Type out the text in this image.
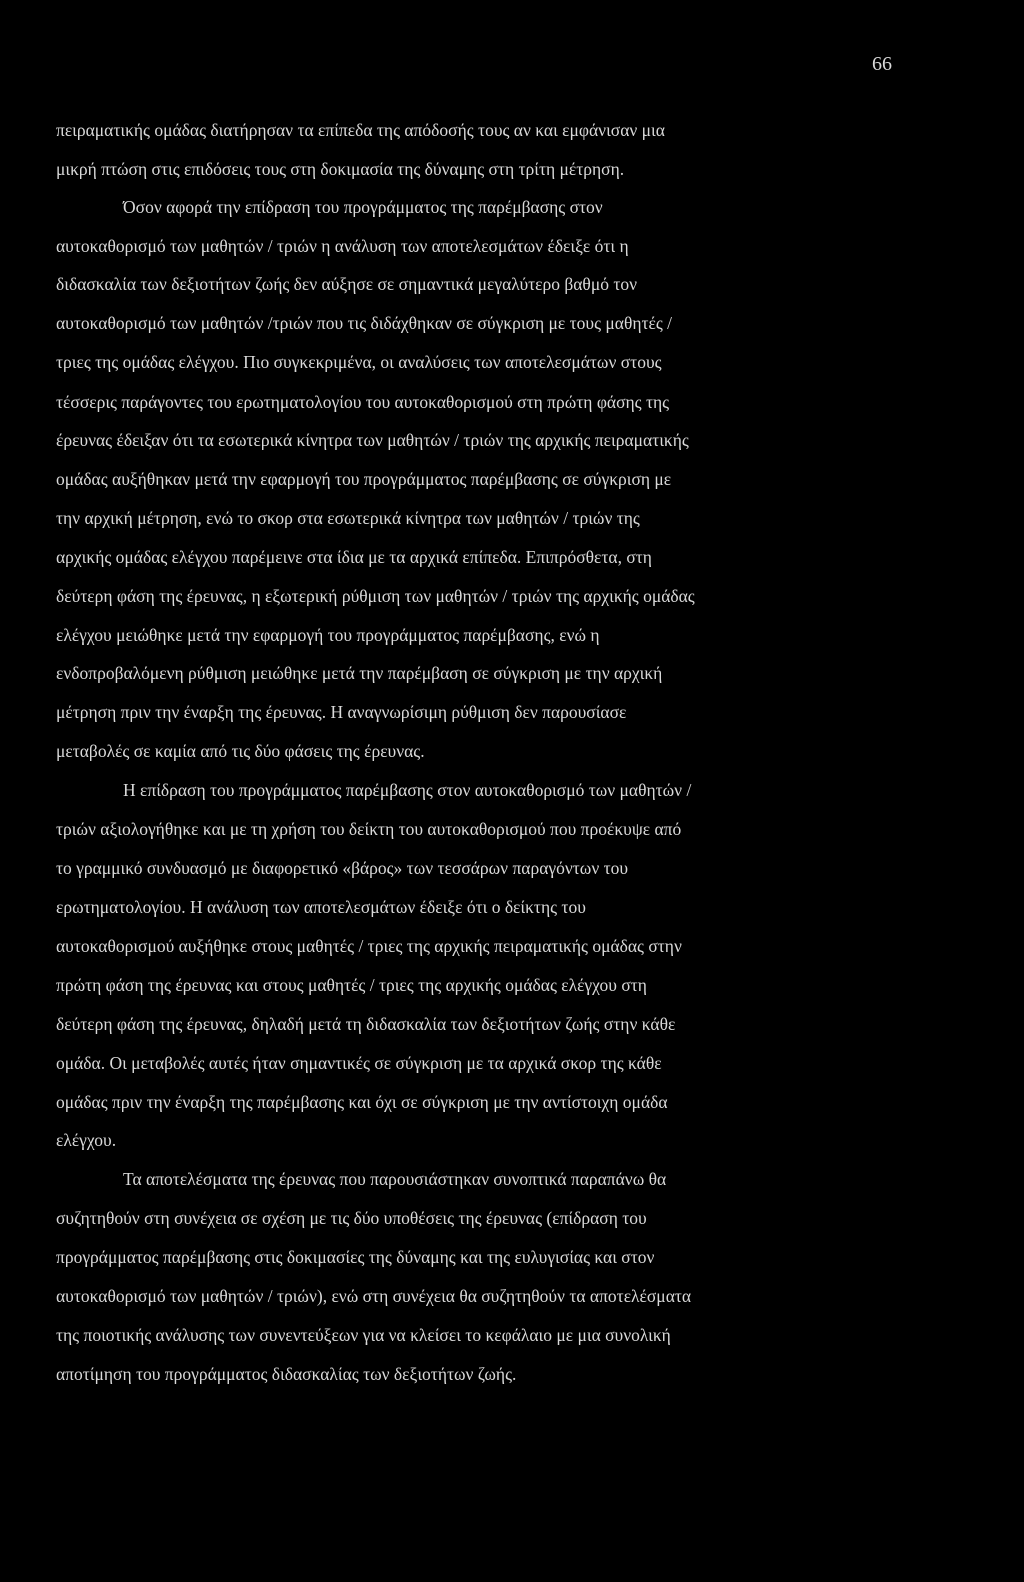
66
πειραματικής ομάδας διατήρησαν τα επίπεδα της απόδοσής τους αν και εμφάνισαν μια
μικρή πτώση στις επιδόσεις τους στη δοκιμασία της δύναμης στη τρίτη μέτρηση.
Όσον αφορά την επίδραση του προγράμματος της παρέμβασης στον
αυτοκαθορισμό των μαθητών / τριών η ανάλυση των αποτελεσμάτων έδειξε ότι η
διδασκαλία των δεξιοτήτων ζωής δεν αύξησε σε σημαντικά μεγαλύτερο βαθμό τον
αυτοκαθορισμό των μαθητών /τριών που τις διδάχθηκαν σε σύγκριση με τους μαθητές /
τριες της ομάδας ελέγχου. Πιο συγκεκριμένα, οι αναλύσεις των αποτελεσμάτων στους
τέσσερις παράγοντες του ερωτηματολογίου του αυτοκαθορισμού στη πρώτη φάσης της
έρευνας έδειξαν ότι τα εσωτερικά κίνητρα των μαθητών / τριών της αρχικής πειραματικής
ομάδας αυξήθηκαν μετά την εφαρμογή του προγράμματος παρέμβασης σε σύγκριση με
την αρχική μέτρηση, ενώ το σκορ στα εσωτερικά κίνητρα των μαθητών / τριών της
αρχικής ομάδας ελέγχου παρέμεινε στα ίδια με τα αρχικά επίπεδα. Επιπρόσθετα, στη
δεύτερη φάση της έρευνας, η εξωτερική ρύθμιση των μαθητών / τριών της αρχικής ομάδας
ελέγχου μειώθηκε μετά την εφαρμογή του προγράμματος παρέμβασης, ενώ η
ενδοπροβαλόμενη ρύθμιση μειώθηκε μετά την παρέμβαση σε σύγκριση με την αρχική
μέτρηση πριν την έναρξη της έρευνας. Η αναγνωρίσιμη ρύθμιση δεν παρουσίασε
μεταβολές σε καμία από τις δύο φάσεις της έρευνας.
Η επίδραση του προγράμματος παρέμβασης στον αυτοκαθορισμό των μαθητών /
τριών αξιολογήθηκε και με τη χρήση του δείκτη του αυτοκαθορισμού που προέκυψε από
το γραμμικό συνδυασμό με διαφορετικό «βάρος» των τεσσάρων παραγόντων του
ερωτηματολογίου. Η ανάλυση των αποτελεσμάτων έδειξε ότι ο δείκτης του
αυτοκαθορισμού αυξήθηκε στους μαθητές / τριες της αρχικής πειραματικής ομάδας στην
πρώτη φάση της έρευνας και στους μαθητές / τριες της αρχικής ομάδας ελέγχου στη
δεύτερη φάση της έρευνας, δηλαδή μετά τη διδασκαλία των δεξιοτήτων ζωής στην κάθε
ομάδα. Οι μεταβολές αυτές ήταν σημαντικές σε σύγκριση με τα αρχικά σκορ της κάθε
ομάδας πριν την έναρξη της παρέμβασης και όχι σε σύγκριση με την αντίστοιχη ομάδα
ελέγχου.
Τα αποτελέσματα της έρευνας που παρουσιάστηκαν συνοπτικά παραπάνω θα
συζητηθούν στη συνέχεια σε σχέση με τις δύο υποθέσεις της έρευνας (επίδραση του
προγράμματος παρέμβασης στις δοκιμασίες της δύναμης και της ευλυγισίας και στον
αυτοκαθορισμό των μαθητών / τριών), ενώ στη συνέχεια θα συζητηθούν τα αποτελέσματα
της ποιοτικής ανάλυσης των συνεντεύξεων για να κλείσει το κεφάλαιο με μια συνολική
αποτίμηση του προγράμματος διδασκαλίας των δεξιοτήτων ζωής.
